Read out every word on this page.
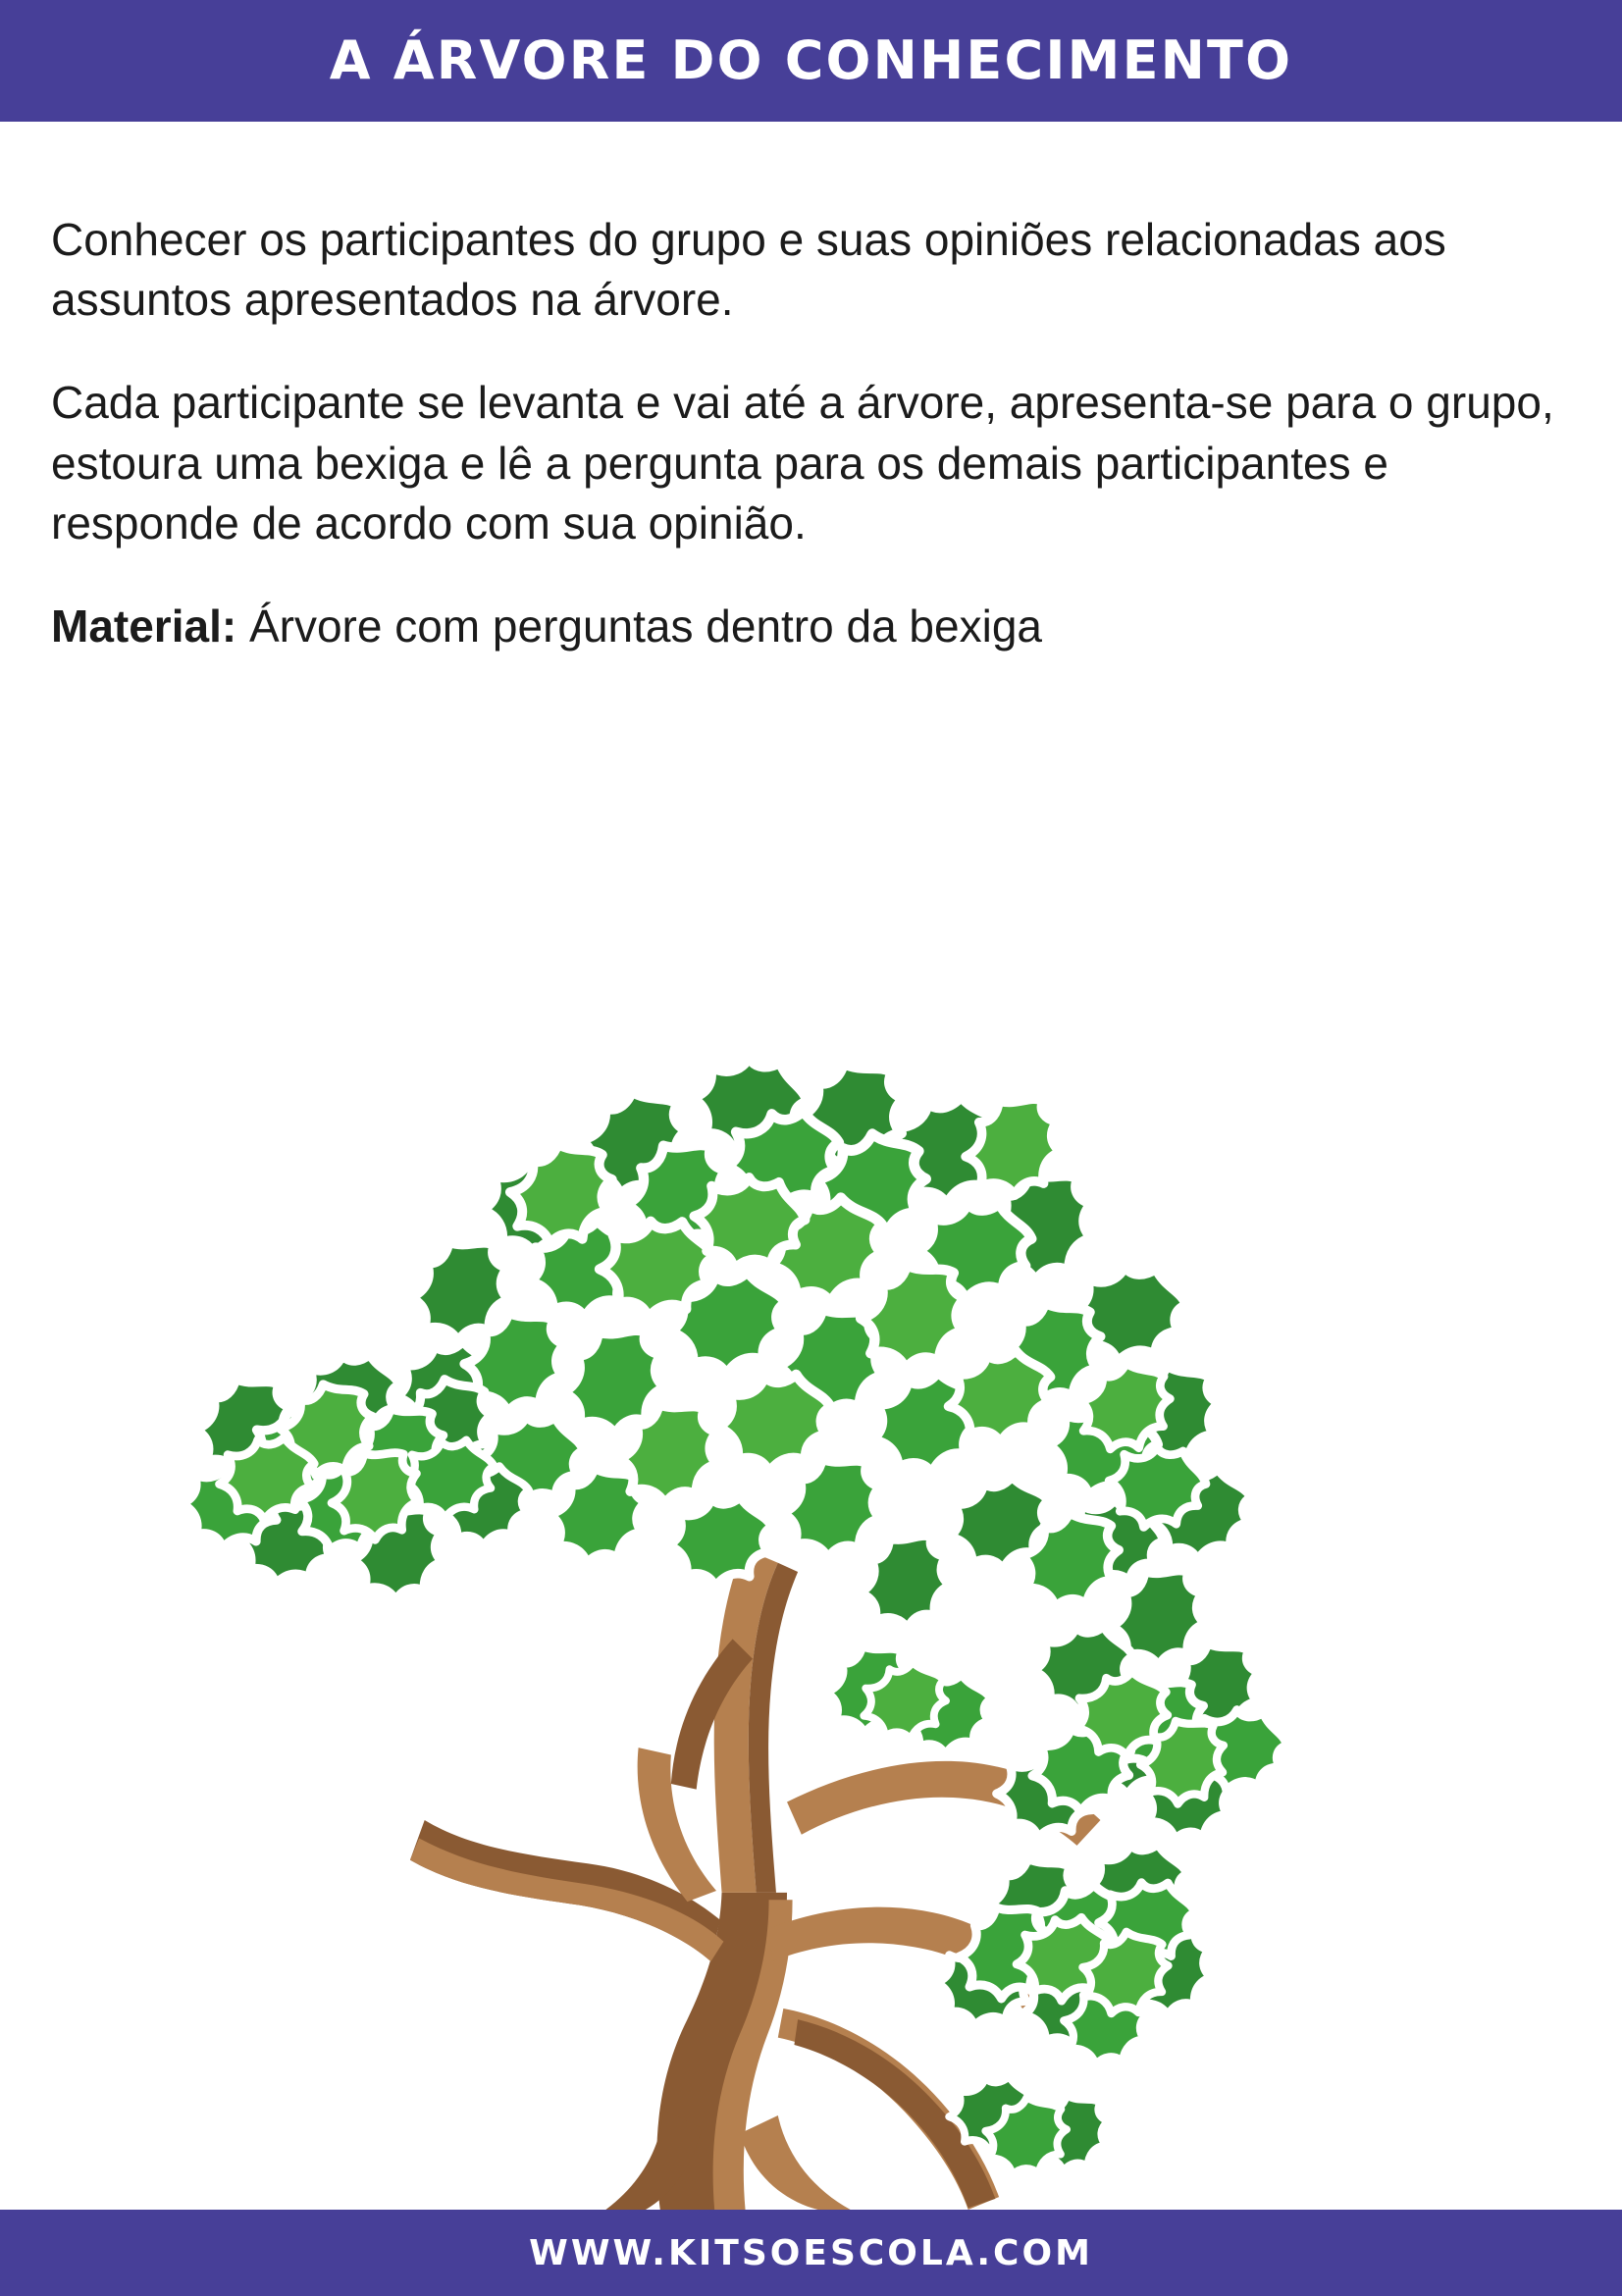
A ÁRVORE DO CONHECIMENTO

Conhecer os participantes do grupo e suas opiniões relacionadas aos assuntos apresentados na árvore.

Cada participante se levanta e vai até a árvore, apresenta-se para o grupo, estoura uma bexiga e lê a pergunta para os demais participantes e responde de acordo com sua opinião.

Material: Árvore com perguntas dentro da bexiga

WWW.KITSOESCOLA.COM
